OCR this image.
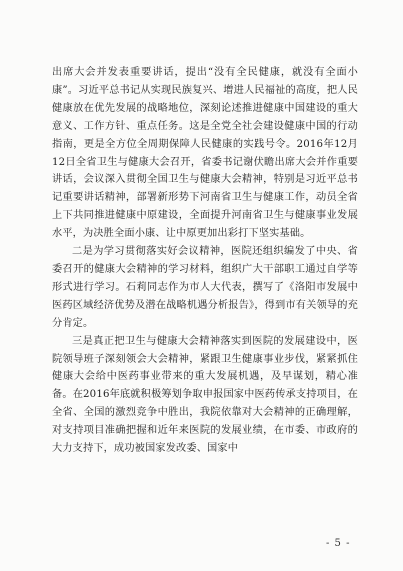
出席大会并发表重要讲话，提出“没有全民健康，就没有全面小康”。习近平总书记从实现民族复兴、增进人民福祉的高度，把人民健康放在优先发展的战略地位，深刻论述推进健康中国建设的重大意义、工作方针、重点任务。这是全党全社会建设健康中国的行动指南，更是全方位全周期保障人民健康的实践号令。2016年12月12日全省卫生与健康大会召开，省委书记谢伏瞻出席大会并作重要讲话，会议深入贯彻全国卫生与健康大会精神，特别是习近平总书记重要讲话精神，部署新形势下河南省卫生与健康工作，动员全省上下共同推进健康中原建设，全面提升河南省卫生与健康事业发展水平，为决胜全面小康、让中原更加出彩打下坚实基础。

二是为学习贯彻落实好会议精神，医院还组织编发了中央、省委召开的健康大会精神的学习材料，组织广大干部职工通过自学等形式进行学习。石莉同志作为市人大代表，撰写了《洛阳市发展中医药区域经济优势及潜在战略机遇分析报告》，得到市有关领导的充分肯定。

三是真正把卫生与健康大会精神落实到医院的发展建设中，医院领导班子深刻领会大会精神，紧跟卫生健康事业步伐，紧紧抓住健康大会给中医药事业带来的重大发展机遇，及早谋划，精心准备。在2016年底就积极筹划争取申报国家中医药传承支持项目，在全省、全国的激烈竞争中胜出，我院依靠对大会精神的正确理解，对支持项目准确把握和近年来医院的发展业绩，在市委、市政府的大力支持下，成功被国家发改委、国家中

- 5 -
